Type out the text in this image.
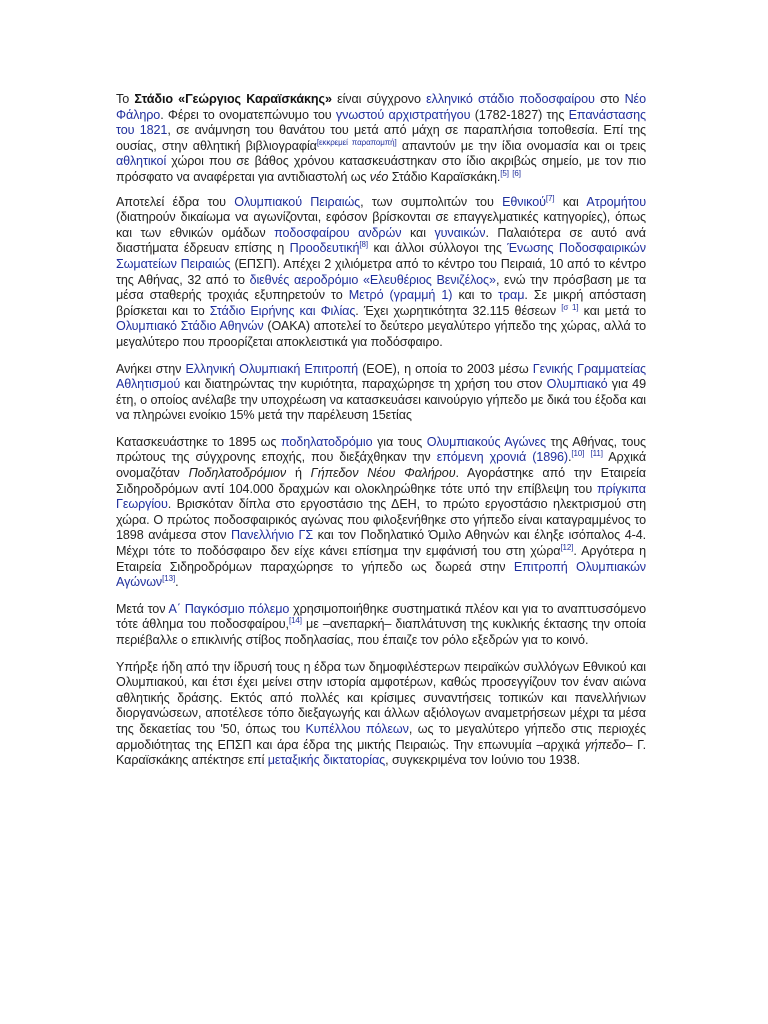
Το Στάδιο «Γεώργιος Καραϊσκάκης» είναι σύγχρονο ελληνικό στάδιο ποδοσφαίρου στο Νέο Φάληρο. Φέρει το ονοματεπώνυμο του γνωστού αρχιστρατήγου (1782-1827) της Επανάστασης του 1821, σε ανάμνηση του θανάτου του μετά από μάχη σε παραπλήσια τοποθεσία. Επί της ουσίας, στην αθλητική βιβλιογραφία[εκκρεμεί παραπομπή] απαντούν με την ίδια ονομασία και οι τρεις αθλητικοί χώροι που σε βάθος χρόνου κατασκευάστηκαν στο ίδιο ακριβώς σημείο, με τον πιο πρόσφατο να αναφέρεται για αντιδιαστολή ως νέο Στάδιο Καραϊσκάκη.[5] [6]

Αποτελεί έδρα του Ολυμπιακού Πειραιώς, των συμπολιτών του Εθνικού[7] και Ατρομήτου (διατηρούν δικαίωμα να αγωνίζονται, εφόσον βρίσκονται σε επαγγελματικές κατηγορίες), όπως και των εθνικών ομάδων ποδοσφαίρου ανδρών και γυναικών. Παλαιότερα σε αυτό ανά διαστήματα έδρευαν επίσης η Προοδευτική[8] και άλλοι σύλλογοι της Ένωσης Ποδοσφαιρικών Σωματείων Πειραιώς (ΕΠΣΠ). Απέχει 2 χιλιόμετρα από το κέντρο του Πειραιά, 10 από το κέντρο της Αθήνας, 32 από το διεθνές αεροδρόμιο «Ελευθέριος Βενιζέλος», ενώ την πρόσβαση με τα μέσα σταθερής τροχιάς εξυπηρετούν το Μετρό (γραμμή 1) και το τραμ. Σε μικρή απόσταση βρίσκεται και το Στάδιο Ειρήνης και Φιλίας. Έχει χωρητικότητα 32.115 θέσεων [σ 1] και μετά το Ολυμπιακό Στάδιο Αθηνών (ΟΑΚΑ) αποτελεί το δεύτερο μεγαλύτερο γήπεδο της χώρας, αλλά το μεγαλύτερο που προορίζεται αποκλειστικά για ποδόσφαιρο.

Ανήκει στην Ελληνική Ολυμπιακή Επιτροπή (ΕΟΕ), η οποία το 2003 μέσω Γενικής Γραμματείας Αθλητισμού και διατηρώντας την κυριότητα, παραχώρησε τη χρήση του στον Ολυμπιακό για 49 έτη, ο οποίος ανέλαβε την υποχρέωση να κατασκευάσει καινούργιο γήπεδο με δικά του έξοδα και να πληρώνει ενοίκιο 15% μετά την παρέλευση 15ετίας

Κατασκευάστηκε το 1895 ως ποδηλατοδρόμιο για τους Ολυμπιακούς Αγώνες της Αθήνας, τους πρώτους της σύγχρονης εποχής, που διεξάχθηκαν την επόμενη χρονιά (1896).[10] [11] Αρχικά ονομαζόταν Ποδηλατοδρόμιον ή Γήπεδον Νέου Φαλήρου. Αγοράστηκε από την Εταιρεία Σιδηροδρόμων αντί 104.000 δραχμών και ολοκληρώθηκε τότε υπό την επίβλεψη του πρίγκιπα Γεωργίου. Βρισκόταν δίπλα στο εργοστάσιο της ΔΕΗ, το πρώτο εργοστάσιο ηλεκτρισμού στη χώρα. Ο πρώτος ποδοσφαιρικός αγώνας που φιλοξενήθηκε στο γήπεδο είναι καταγραμμένος το 1898 ανάμεσα στον Πανελλήνιο ΓΣ και τον Ποδηλατικό Όμιλο Αθηνών και έληξε ισόπαλος 4-4. Μέχρι τότε το ποδόσφαιρο δεν είχε κάνει επίσημα την εμφάνισή του στη χώρα[12]. Αργότερα η Εταιρεία Σιδηροδρόμων παραχώρησε το γήπεδο ως δωρεά στην Επιτροπή Ολυμπιακών Αγώνων[13].

Μετά τον Α΄ Παγκόσμιο πόλεμο χρησιμοποιήθηκε συστηματικά πλέον και για το αναπτυσσόμενο τότε άθλημα του ποδοσφαίρου,[14] με –ανεπαρκή– διαπλάτυνση της κυκλικής έκτασης την οποία περιέβαλλε ο επικλινής στίβος ποδηλασίας, που έπαιζε τον ρόλο εξεδρών για το κοινό.

Υπήρξε ήδη από την ίδρυσή τους η έδρα των δημοφιλέστερων πειραϊκών συλλόγων Εθνικού και Ολυμπιακού, και έτσι έχει μείνει στην ιστορία αμφοτέρων, καθώς προσεγγίζουν τον έναν αιώνα αθλητικής δράσης. Εκτός από πολλές και κρίσιμες συναντήσεις τοπικών και πανελλήνιων διοργανώσεων, αποτέλεσε τόπο διεξαγωγής και άλλων αξιόλογων αναμετρήσεων μέχρι τα μέσα της δεκαετίας του '50, όπως του Κυπέλλου πόλεων, ως το μεγαλύτερο γήπεδο στις περιοχές αρμοδιότητας της ΕΠΣΠ και άρα έδρα της μικτής Πειραιώς. Την επωνυμία –αρχικά γήπεδο– Γ. Καραϊσκάκης απέκτησε επί μεταξικής δικτατορίας, συγκεκριμένα τον Ιούνιο του 1938.
